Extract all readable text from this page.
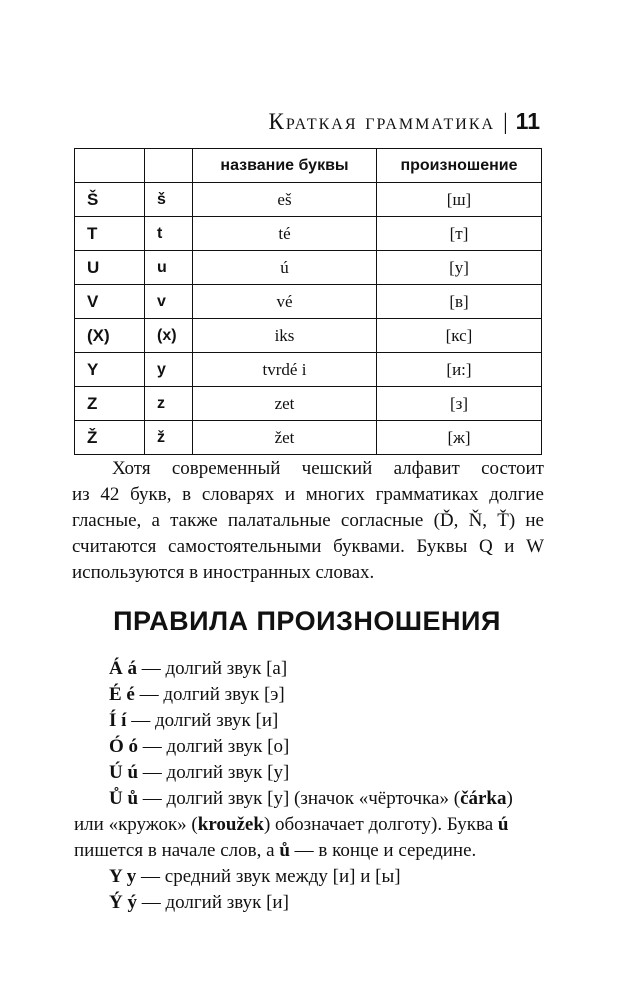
Краткая грамматика | 11
		название буквы	произношение
Š	š	eš	[ш]
T	t	té	[т]
U	u	ú	[у]
V	v	vé	[в]
(X)	(x)	iks	[кс]
Y	y	tvrdé i	[и:]
Z	z	zet	[з]
Ž	ž	žet	[ж]
Хотя современный чешский алфавит состоит
из 42 букв, в словарях и многих грамматиках долгие
гласные, а также палатальные согласные (Ď, Ň, Ť) не
считаются самостоятельными буквами. Буквы Q и W
используются в иностранных словах.
ПРАВИЛА ПРОИЗНОШЕНИЯ
Á á — долгий звук [а]
É é — долгий звук [э]
Í í — долгий звук [и]
Ó ó — долгий звук [о]
Ú ú — долгий звук [у]
Ů ů — долгий звук [у] (значок «чёрточка» (čárka)
или «кружок» (kroužek) обозначает долготу). Буква ú
пишется в начале слов, а ů — в конце и середине.
Y y — средний звук между [и] и [ы]
Ý ý — долгий звук [и]
